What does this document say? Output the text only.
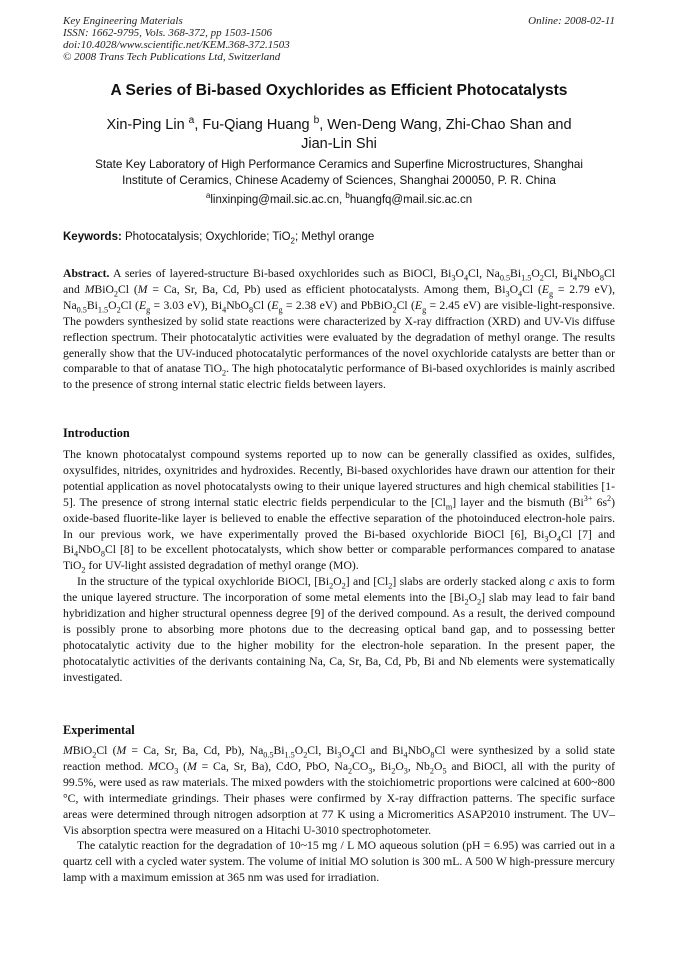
Key Engineering Materials
ISSN: 1662-9795, Vols. 368-372, pp 1503-1506
doi:10.4028/www.scientific.net/KEM.368-372.1503
© 2008 Trans Tech Publications Ltd, Switzerland
Online: 2008-02-11
A Series of Bi-based Oxychlorides as Efficient Photocatalysts
Xin-Ping Lin $^a$, Fu-Qiang Huang $^b$, Wen-Deng Wang, Zhi-Chao Shan and
Jian-Lin Shi
State Key Laboratory of High Performance Ceramics and Superfine Microstructures, Shanghai
Institute of Ceramics, Chinese Academy of Sciences, Shanghai 200050, P. R. China
$^a$linxinping@mail.sic.ac.cn, $^b$huangfq@mail.sic.ac.cn
Keywords: Photocatalysis; Oxychloride; TiO$_2$; Methyl orange

Abstract. A series of layered-structure Bi-based oxychlorides such as BiOCl, $Bi_3O_4Cl$, $Na_{0.5}Bi_{1.5}O_2Cl$, $Bi_4NbO_8Cl$ and MBiO$_2$Cl (M = Ca, Sr, Ba, Cd, Pb) used as efficient photocatalysts. Among them, $Bi_3O_4Cl$ ($E_g = 2.79$ eV), $Na_{0.5}Bi_{1.5}O_2Cl$ ($E_g = 3.03$ eV), $Bi_4NbO_8Cl$ ($E_g = 2.38$ eV) and PbBiO$_2$Cl ($E_g = 2.45$ eV) are visible-light-responsive. The powders synthesized by solid state reactions were characterized by X-ray diffraction (XRD) and UV-Vis diffuse reflection spectrum. Their photocatalytic activities were evaluated by the degradation of methyl orange. The results generally show that the UV-induced photocatalytic performances of the novel oxychloride catalysts are better than or comparable to that of anatase TiO$_2$. The high photocatalytic performance of Bi-based oxychlorides is mainly ascribed to the presence of strong internal static electric fields between layers.

Introduction

The known photocatalyst compound systems reported up to now can be generally classified as oxides, sulfides, oxysulfides, nitrides, oxynitrides and hydroxides. Recently, Bi-based oxychlorides have drawn our attention for their potential application as novel photocatalysts owing to their unique layered structures and high chemical stabilities [1-5]. The presence of strong internal static electric fields perpendicular to the $[Cl_m]$ layer and the bismuth ($Bi^{3+}$ $6s^2$) oxide-based fluorite-like layer is believed to enable the effective separation of the photoinduced electron-hole pairs. In our previous work, we have experimentally proved the Bi-based oxychloride BiOCl [6], $Bi_3O_4Cl$ [7] and $Bi_4NbO_8Cl$ [8] to be excellent photocatalysts, which show better or comparable performances compared to anatase TiO$_2$ for UV-light assisted degradation of methyl orange (MO).

In the structure of the typical oxychloride BiOCl, $[Bi_2O_2]$ and $[Cl_2]$ slabs are orderly stacked along c axis to form the unique layered structure. The incorporation of some metal elements into the $[Bi_2O_2]$ slab may lead to fair band hybridization and higher structural openness degree [9] of the derived compound. As a result, the derived compound is possibly prone to absorbing more photons due to the decreasing optical band gap, and to possessing better photocatalytic activity due to the higher mobility for the electron-hole separation. In the present paper, the photocatalytic activities of the derivants containing Na, Ca, Sr, Ba, Cd, Pb, Bi and Nb elements were systematically investigated.

Experimental

MBiO$_2$Cl (M = Ca, Sr, Ba, Cd, Pb), $Na_{0.5}Bi_{1.5}O_2Cl$, $Bi_3O_4Cl$ and $Bi_4NbO_8Cl$ were synthesized by a solid state reaction method. $MCO_3$ (M = Ca, Sr, Ba), CdO, PbO, $Na_2CO_3$, $Bi_2O_3$, $Nb_2O_5$ and BiOCl, all with the purity of 99.5%, were used as raw materials. The mixed powders with the stoichiometric proportions were calcined at 600~800 °C, with intermediate grindings. Their phases were confirmed by X-ray diffraction patterns. The specific surface areas were determined through nitrogen adsorption at 77 K using a Micromeritics ASAP2010 instrument. The UV–Vis absorption spectra were measured on a Hitachi U-3010 spectrophotometer.

The catalytic reaction for the degradation of 10~15 mg / L MO aqueous solution (pH = 6.95) was carried out in a quartz cell with a cycled water system. The volume of initial MO solution is 300 mL. A 500 W high-pressure mercury lamp with a maximum emission at 365 nm was used for irradiation.
